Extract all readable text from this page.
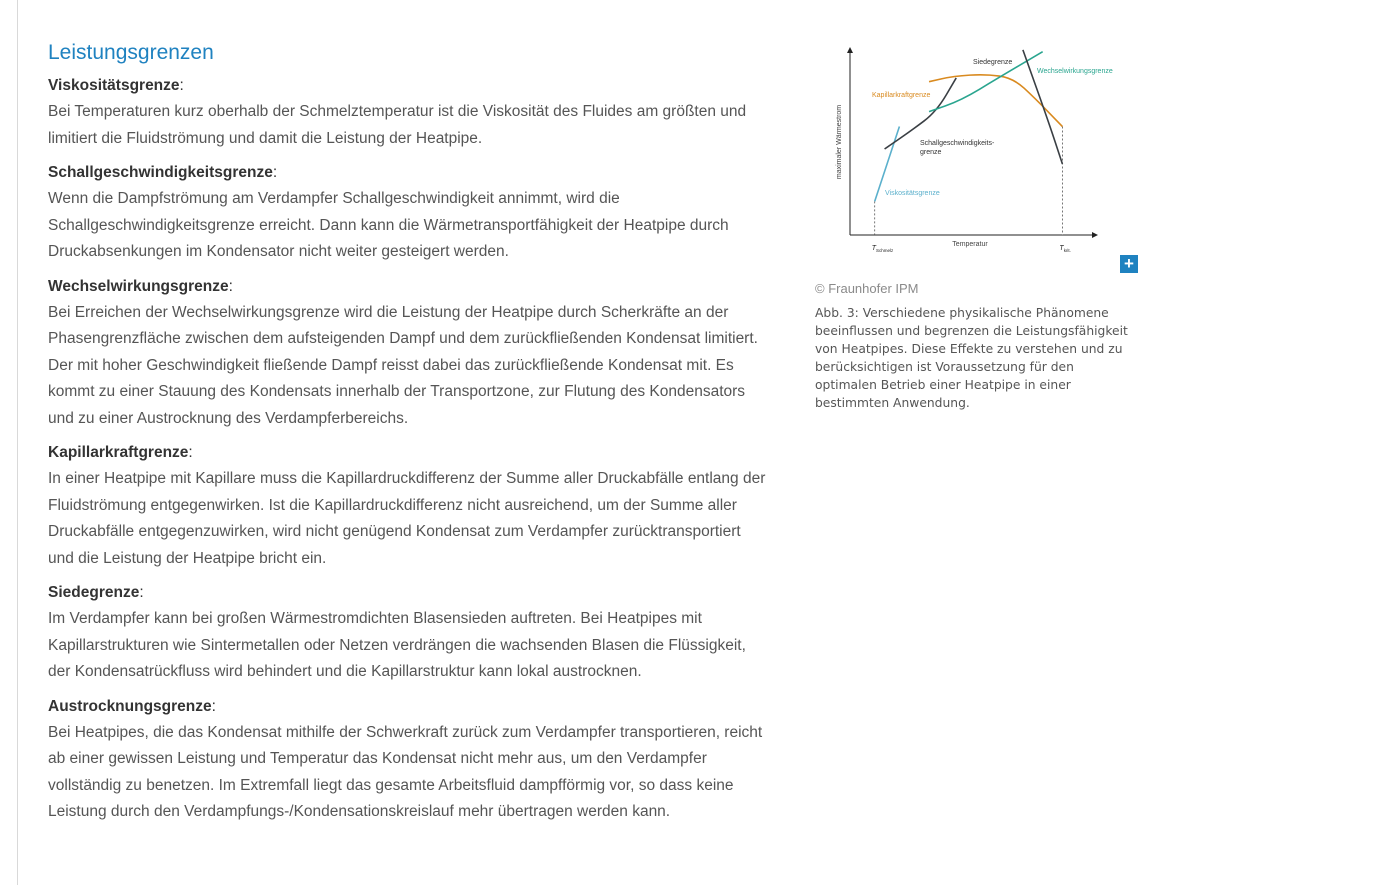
Leistungsgrenzen
Viskositätsgrenze:

Bei Temperaturen kurz oberhalb der Schmelztemperatur ist die Viskosität des Fluides am größten und limitiert die Fluidströmung und damit die Leistung der Heatpipe.

Schallgeschwindigkeitsgrenze:

Wenn die Dampfströmung am Verdampfer Schallgeschwindigkeit annimmt, wird die Schallgeschwindigkeitsgrenze erreicht. Dann kann die Wärmetransportfähigkeit der Heatpipe durch Druckabsenkungen im Kondensator nicht weiter gesteigert werden.

Wechselwirkungsgrenze:

Bei Erreichen der Wechselwirkungsgrenze wird die Leistung der Heatpipe durch Scherkräfte an der Phasengrenzfläche zwischen dem aufsteigenden Dampf und dem zurückfließenden Kondensat limitiert. Der mit hoher Geschwindigkeit fließende Dampf reisst dabei das zurückfließende Kondensat mit. Es kommt zu einer Stauung des Kondensats innerhalb der Transportzone, zur Flutung des Kondensators und zu einer Austrocknung des Verdampferbereichs.

Kapillarkraftgrenze:

In einer Heatpipe mit Kapillare muss die Kapillardruckdifferenz der Summe aller Druckabfälle entlang der Fluidströmung entgegenwirken. Ist die Kapillardruckdifferenz nicht ausreichend, um der Summe aller Druckabfälle entgegenzuwirken, wird nicht genügend Kondensat zum Verdampfer zurücktransportiert und die Leistung der Heatpipe bricht ein.

Siedegrenze:

Im Verdampfer kann bei großen Wärmestromdichten Blasensieden auftreten. Bei Heatpipes mit Kapillarstrukturen wie Sintermetallen oder Netzen verdrängen die wachsenden Blasen die Flüssigkeit, der Kondensatrückfluss wird behindert und die Kapillarstruktur kann lokal austrocknen.

Austrocknungsgrenze:

Bei Heatpipes, die das Kondensat mithilfe der Schwerkraft zurück zum Verdampfer transportieren, reicht ab einer gewissen Leistung und Temperatur das Kondensat nicht mehr aus, um den Verdampfer vollständig zu benetzen. Im Extremfall liegt das gesamte Arbeitsfluid dampfförmig vor, so dass keine Leistung durch den Verdampfungs-/Kondensationskreislauf mehr übertragen werden kann.

maximaler Wärmestrom
Temperatur
$T_{Schmelz}$	$T_{krit.}$
Viskositätsgrenze
Schallgeschwindigkeits-grenze
Kapillarkraftgrenze
Wechselwirkungsgrenze
Siedegrenze
+
© Fraunhofer IPM
Abb. 3: Verschiedene physikalische Phänomene beeinflussen und begrenzen die Leistungsfähigkeit von Heatpipes. Diese Effekte zu verstehen und zu berücksichtigen ist Voraussetzung für den optimalen Betrieb einer Heatpipe in einer bestimmten Anwendung.
